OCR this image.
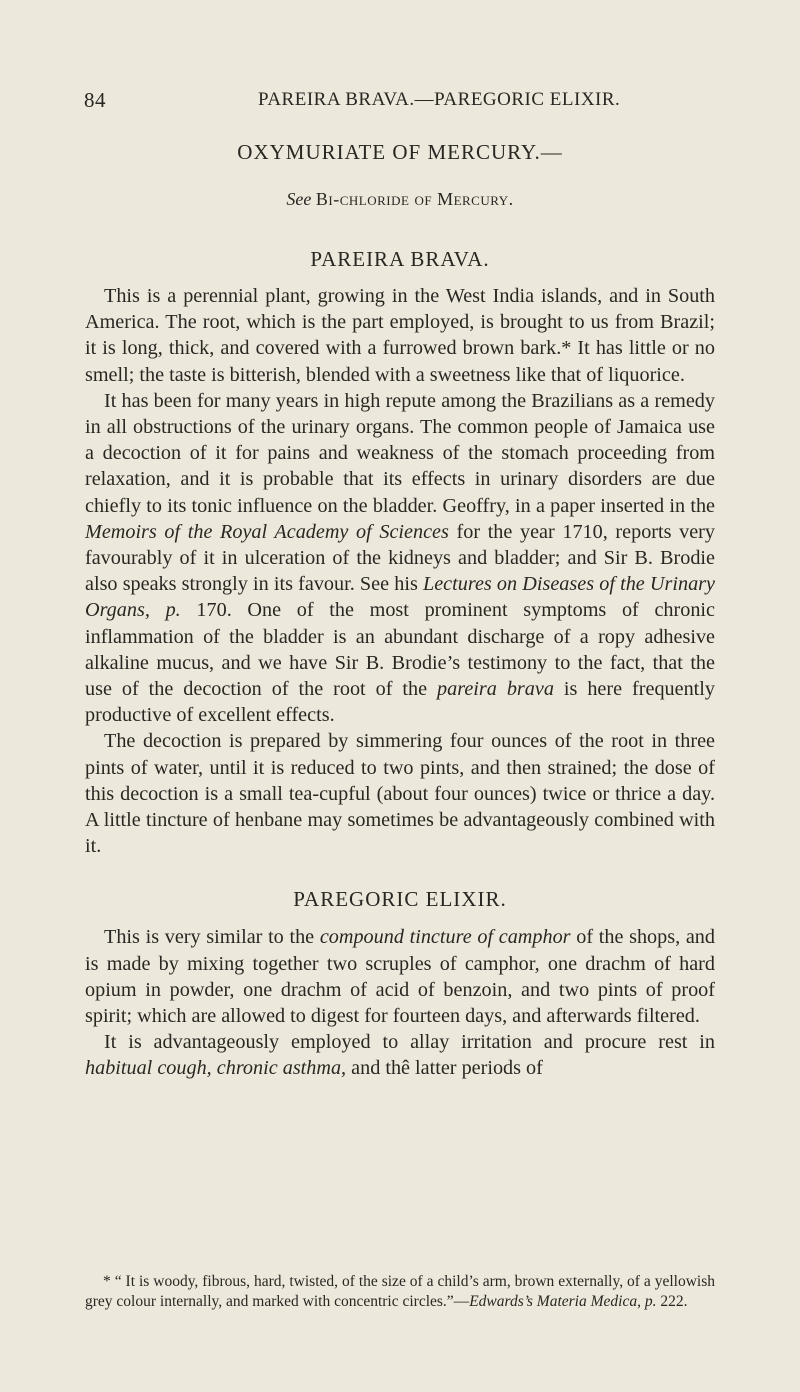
84	PAREIRA BRAVA.—PAREGORIC ELIXIR.
OXYMURIATE OF MERCURY.—

See Bi-chloride of Mercury.

PAREIRA BRAVA.

This is a perennial plant, growing in the West India islands, and in South America. The root, which is the part employed, is brought to us from Brazil; it is long, thick, and covered with a furrowed brown bark.* It has little or no smell; the taste is bitterish, blended with a sweetness like that of liquorice.

It has been for many years in high repute among the Brazilians as a remedy in all obstructions of the urinary organs. The common people of Jamaica use a decoction of it for pains and weakness of the stomach proceeding from relaxation, and it is probable that its effects in urinary disorders are due chiefly to its tonic influence on the bladder. Geoffry, in a paper inserted in the Memoirs of the Royal Academy of Sciences for the year 1710, reports very favourably of it in ulceration of the kidneys and bladder; and Sir B. Brodie also speaks strongly in its favour. See his Lectures on Diseases of the Urinary Organs, p. 170. One of the most prominent symptoms of chronic inflammation of the bladder is an abundant discharge of a ropy adhesive alkaline mucus, and we have Sir B. Brodie’s testimony to the fact, that the use of the decoction of the root of the pareira brava is here frequently productive of excellent effects.

The decoction is prepared by simmering four ounces of the root in three pints of water, until it is reduced to two pints, and then strained; the dose of this decoction is a small tea-cupful (about four ounces) twice or thrice a day. A little tincture of henbane may sometimes be advantageously combined with it.

PAREGORIC ELIXIR.

This is very similar to the compound tincture of camphor of the shops, and is made by mixing together two scruples of camphor, one drachm of hard opium in powder, one drachm of acid of benzoin, and two pints of proof spirit; which are allowed to digest for fourteen days, and afterwards filtered.

It is advantageously employed to allay irritation and procure rest in habitual cough, chronic asthma, and thê latter periods of

* “ It is woody, fibrous, hard, twisted, of the size of a child’s arm, brown externally, of a yellowish grey colour internally, and marked with concentric circles.”—Edwards’s Materia Medica, p. 222.
